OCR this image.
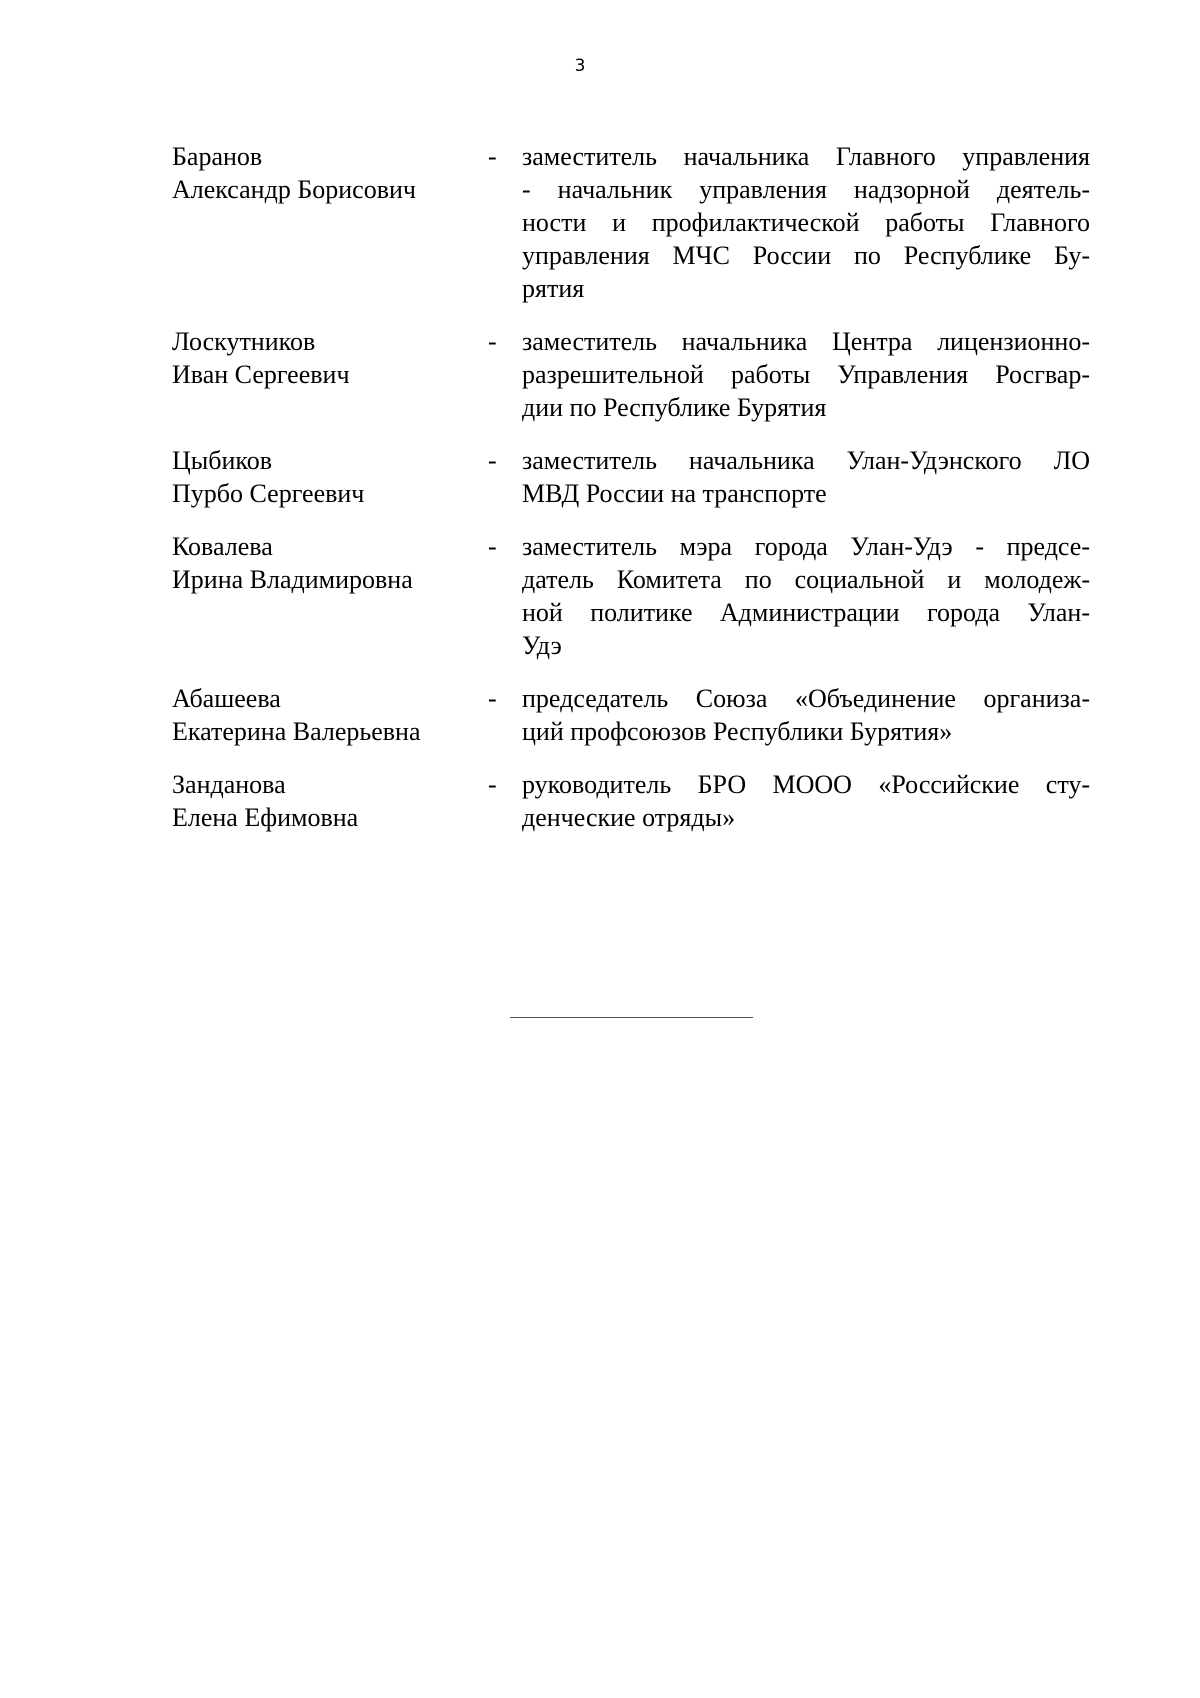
3
Баранов
Александр Борисович
- заместитель начальника Главного управления
- начальник управления надзорной деятель-
ности и профилактической работы Главного
управления МЧС России по Республике Бу-
рятия
Лоскутников
Иван Сергеевич
- заместитель начальника Центра лицензионно-
разрешительной работы Управления Росгвар-
дии по Республике Бурятия
Цыбиков
Пурбо Сергеевич
- заместитель начальника Улан-Удэнского ЛО
МВД России на транспорте
Ковалева
Ирина Владимировна
- заместитель мэра города Улан-Удэ - предсе-
датель Комитета по социальной и молодеж-
ной политике Администрации города Улан-
Удэ
Абашеева
Екатерина Валерьевна
- председатель Союза «Объединение организа-
ций профсоюзов Республики Бурятия»
Занданова
Елена Ефимовна
- руководитель БРО МООО «Российские сту-
денческие отряды»
